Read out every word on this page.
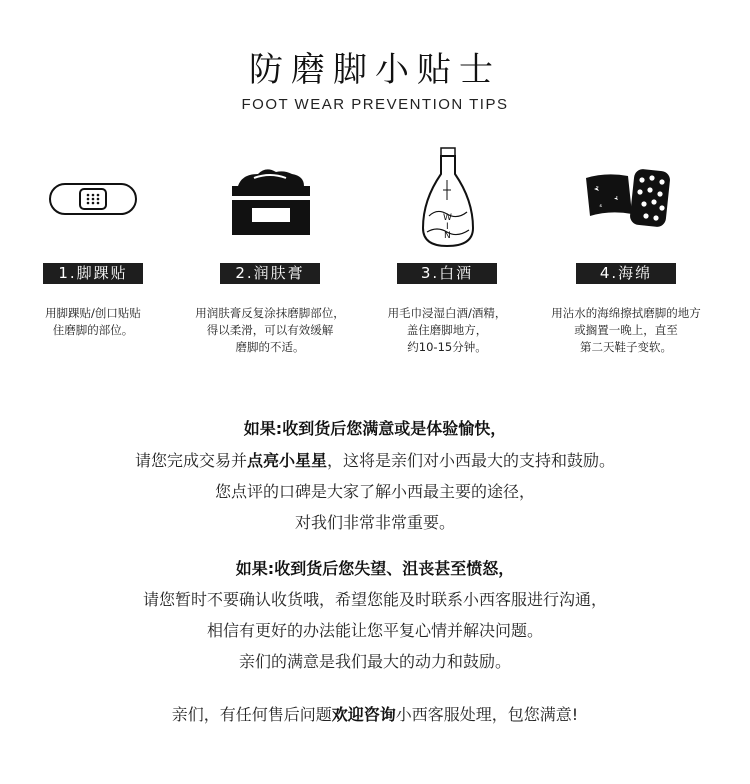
防磨脚小贴士
FOOT WEAR PREVENTION TIPS
1.脚踝贴
用脚踝贴/创口贴贴
住磨脚的部位。
2.润肤膏
用润肤膏反复涂抹磨脚部位，
得以柔滑，可以有效缓解
磨脚的不适。
W
I
N
3.白酒
用毛巾浸湿白酒/酒精，
盖住磨脚地方，
约10-15分钟。
4.海绵
用沾水的海绵擦拭磨脚的地方
或搁置一晚上，直至
第二天鞋子变软。
如果:收到货后您满意或是体验愉快，
请您完成交易并点亮小星星，这将是亲们对小西最大的支持和鼓励。
您点评的口碑是大家了解小西最主要的途径，
对我们非常非常重要。
如果:收到货后您失望、沮丧甚至愤怒，
请您暂时不要确认收货哦，希望您能及时联系小西客服进行沟通，
相信有更好的办法能让您平复心情并解决问题。
亲们的满意是我们最大的动力和鼓励。
亲们，有任何售后问题欢迎咨询小西客服处理，包您满意!
